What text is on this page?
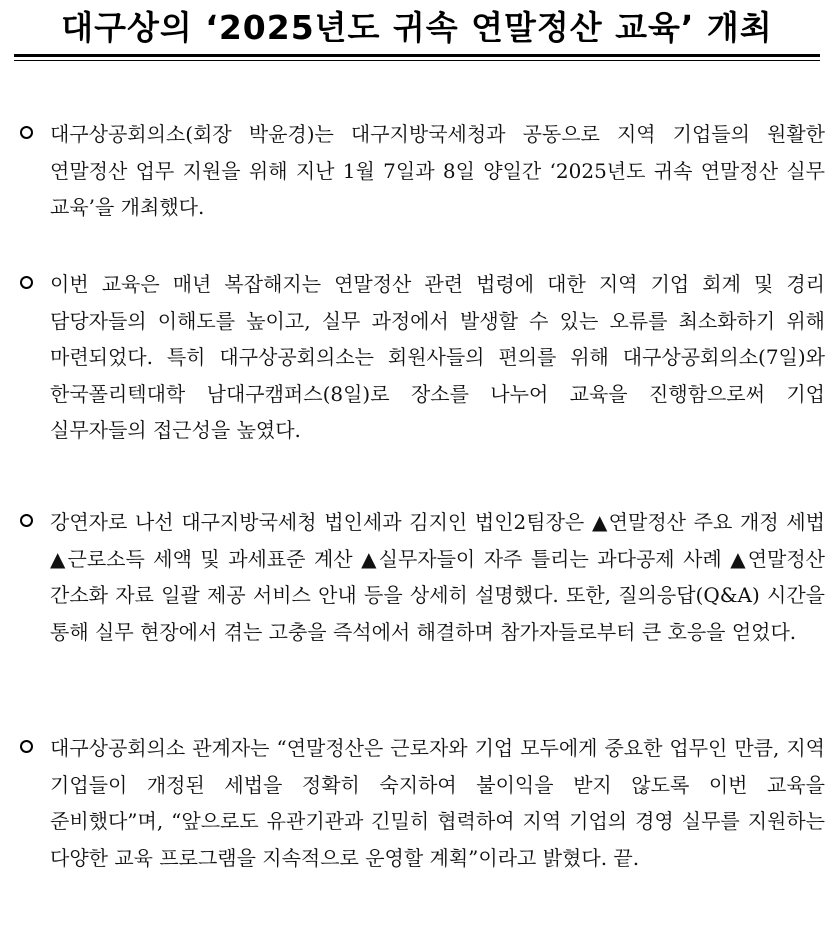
대구상의 ‘2025년도 귀속 연말정산 교육’ 개최
대구상공회의소(회장 박윤경)는 대구지방국세청과 공동으로 지역 기업들의 원활한 연말정산 업무 지원을 위해 지난 1월 7일과 8일 양일간 ‘2025년도 귀속 연말정산 실무 교육’을 개최했다.
이번 교육은 매년 복잡해지는 연말정산 관련 법령에 대한 지역 기업 회계 및 경리 담당자들의 이해도를 높이고, 실무 과정에서 발생할 수 있는 오류를 최소화하기 위해 마련되었다. 특히 대구상공회의소는 회원사들의 편의를 위해 대구상공회의소(7일)와 한국폴리텍대학 남대구캠퍼스(8일)로 장소를 나누어 교육을 진행함으로써 기업 실무자들의 접근성을 높였다.
강연자로 나선 대구지방국세청 법인세과 김지인 법인2팀장은 ▲연말정산 주요 개정 세법 ▲근로소득 세액 및 과세표준 계산 ▲실무자들이 자주 틀리는 과다공제 사례 ▲연말정산 간소화 자료 일괄 제공 서비스 안내 등을 상세히 설명했다. 또한, 질의응답(Q&A) 시간을 통해 실무 현장에서 겪는 고충을 즉석에서 해결하며 참가자들로부터 큰 호응을 얻었다.
대구상공회의소 관계자는 “연말정산은 근로자와 기업 모두에게 중요한 업무인 만큼, 지역 기업들이 개정된 세법을 정확히 숙지하여 불이익을 받지 않도록 이번 교육을 준비했다”며, “앞으로도 유관기관과 긴밀히 협력하여 지역 기업의 경영 실무를 지원하는 다양한 교육 프로그램을 지속적으로 운영할 계획”이라고 밝혔다. 끝.
